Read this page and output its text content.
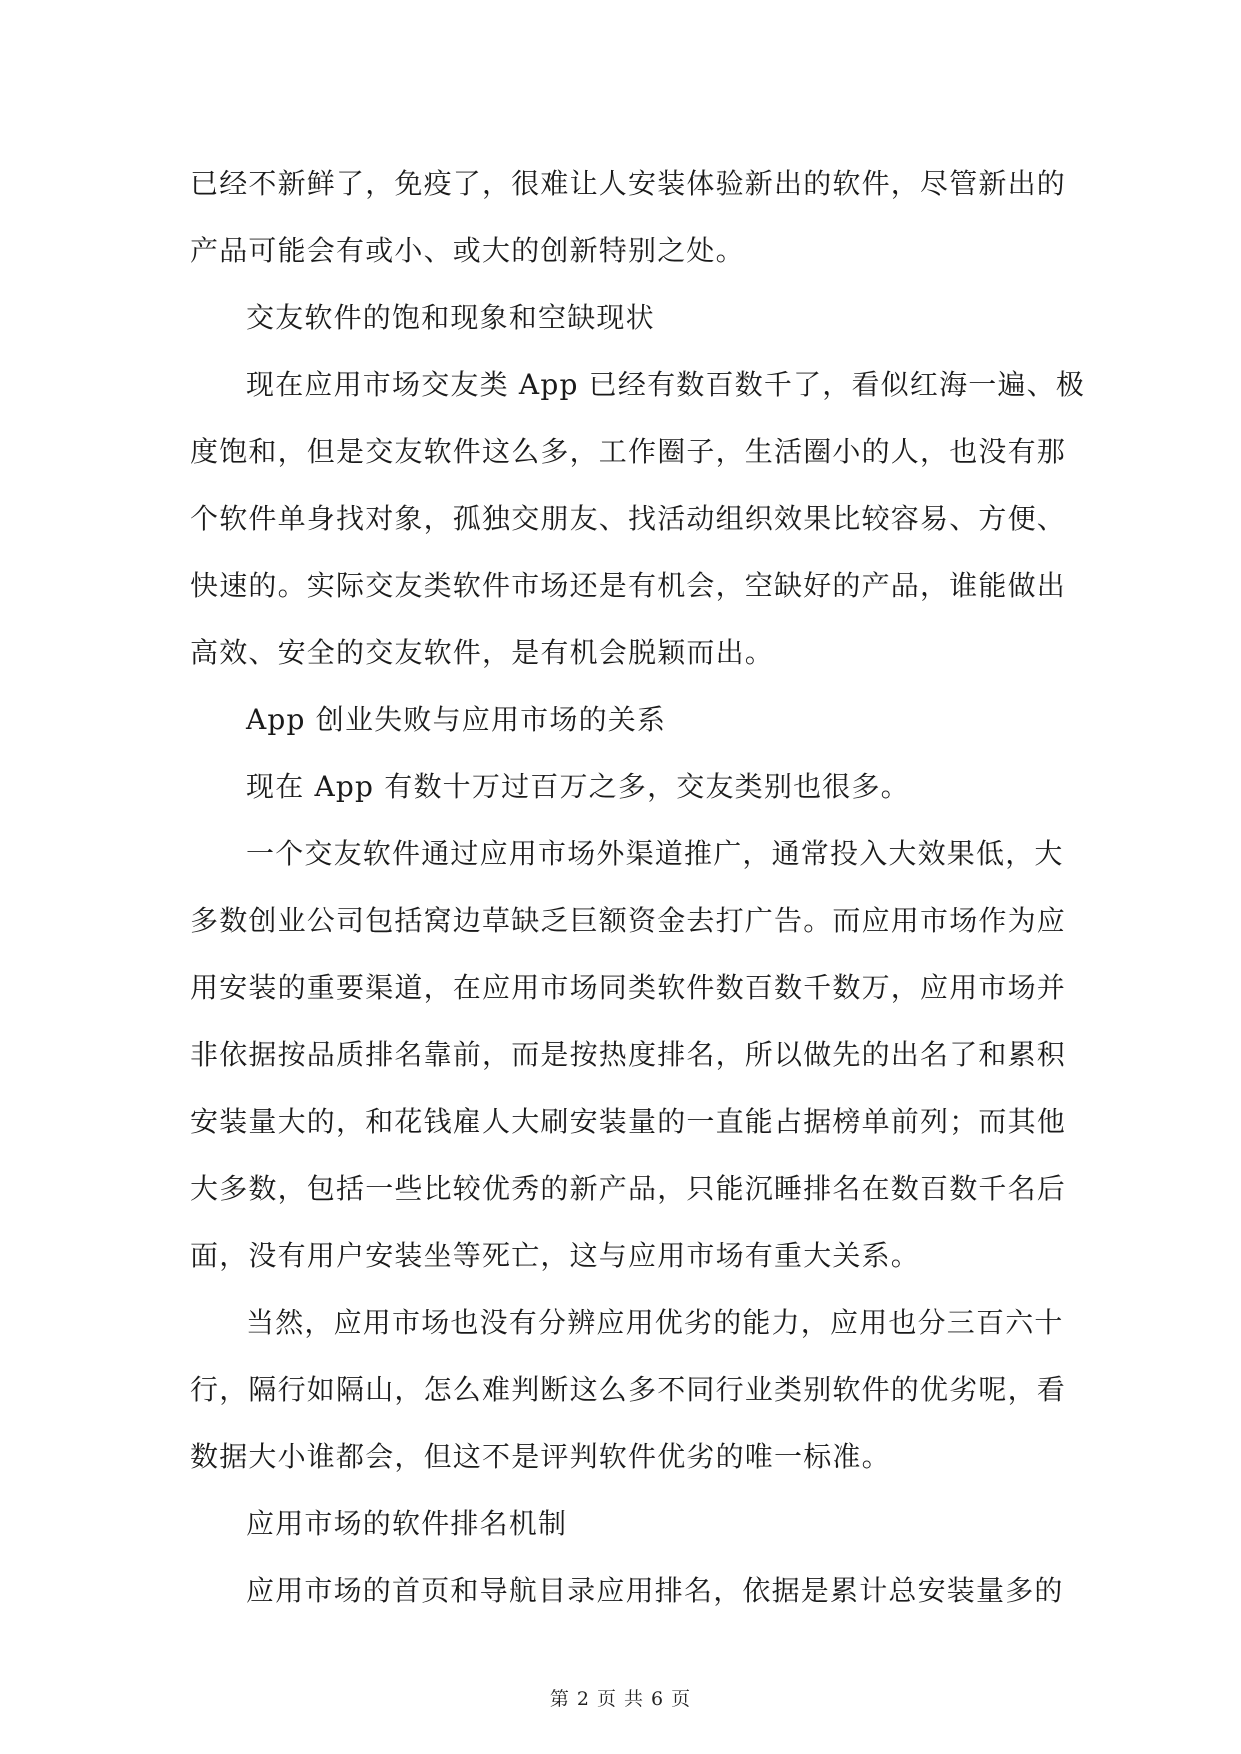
已经不新鲜了，免疫了，很难让人安装体验新出的软件，尽管新出的
产品可能会有或小、或大的创新特别之处。
交友软件的饱和现象和空缺现状
现在应用市场交友类 App 已经有数百数千了，看似红海一遍、极
度饱和，但是交友软件这么多，工作圈子，生活圈小的人，也没有那
个软件单身找对象，孤独交朋友、找活动组织效果比较容易、方便、
快速的。实际交友类软件市场还是有机会，空缺好的产品，谁能做出
高效、安全的交友软件，是有机会脱颖而出。
App 创业失败与应用市场的关系
现在 App 有数十万过百万之多，交友类别也很多。
一个交友软件通过应用市场外渠道推广，通常投入大效果低，大
多数创业公司包括窝边草缺乏巨额资金去打广告。而应用市场作为应
用安装的重要渠道，在应用市场同类软件数百数千数万，应用市场并
非依据按品质排名靠前，而是按热度排名，所以做先的出名了和累积
安装量大的，和花钱雇人大刷安装量的一直能占据榜单前列；而其他
大多数，包括一些比较优秀的新产品，只能沉睡排名在数百数千名后
面，没有用户安装坐等死亡，这与应用市场有重大关系。
当然，应用市场也没有分辨应用优劣的能力，应用也分三百六十
行，隔行如隔山，怎么难判断这么多不同行业类别软件的优劣呢，看
数据大小谁都会，但这不是评判软件优劣的唯一标准。
应用市场的软件排名机制
应用市场的首页和导航目录应用排名，依据是累计总安装量多的
第 2 页 共 6 页
